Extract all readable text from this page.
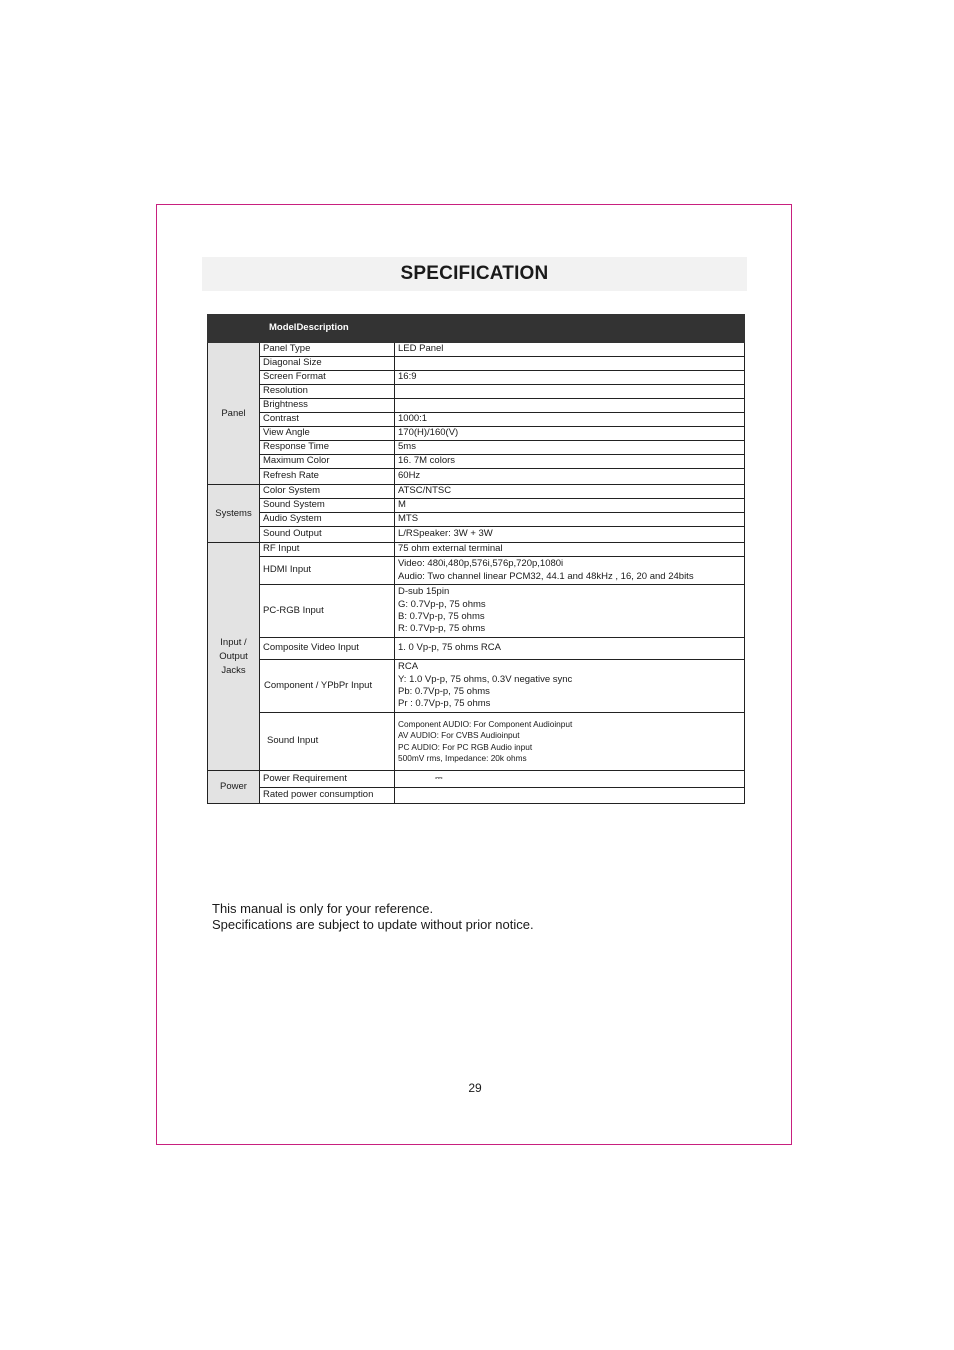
SPECIFICATION
ModelDescription		
Panel	Panel Type	LED Panel
	Diagonal Size	
	Screen Format	16:9
	Resolution	
	Brightness	
	Contrast	1000:1
	View Angle	170(H)/160(V)
	Response Time	5ms
	Maximum Color	16. 7M colors
	Refresh Rate	60Hz
Systems	Color System	ATSC/NTSC
	Sound System	M
	Audio System	MTS
	Sound Output	L/RSpeaker: 3W + 3W
Input /
Output
Jacks	RF Input	75 ohm external terminal
	HDMI Input	Video: 480i,480p,576i,576p,720p,1080i
Audio: Two channel linear PCM32, 44.1 and 48kHz , 16, 20 and 24bits

	PC-RGB Input	D-sub 15pin
G: 0.7Vp-p, 75 ohms
B: 0.7Vp-p, 75 ohms
R: 0.7Vp-p, 75 ohms

	Composite Video Input	1. 0 Vp-p, 75 ohms RCA
	Component / YPbPr Input	RCA
Y: 1.0 Vp-p, 75 ohms, 0.3V negative sync
Pb: 0.7Vp-p, 75 ohms
Pr : 0.7Vp-p, 75 ohms

	Sound Input	Component AUDIO: For Component Audioinput
AV AUDIO: For CVBS Audioinput
PC AUDIO: For PC RGB Audio input
500mV rms, Impedance: 20k ohms

Power	Power Requirement	⎓
	Rated power consumption	
This manual is only for your reference.
Specifications are subject to update without prior notice.
29
